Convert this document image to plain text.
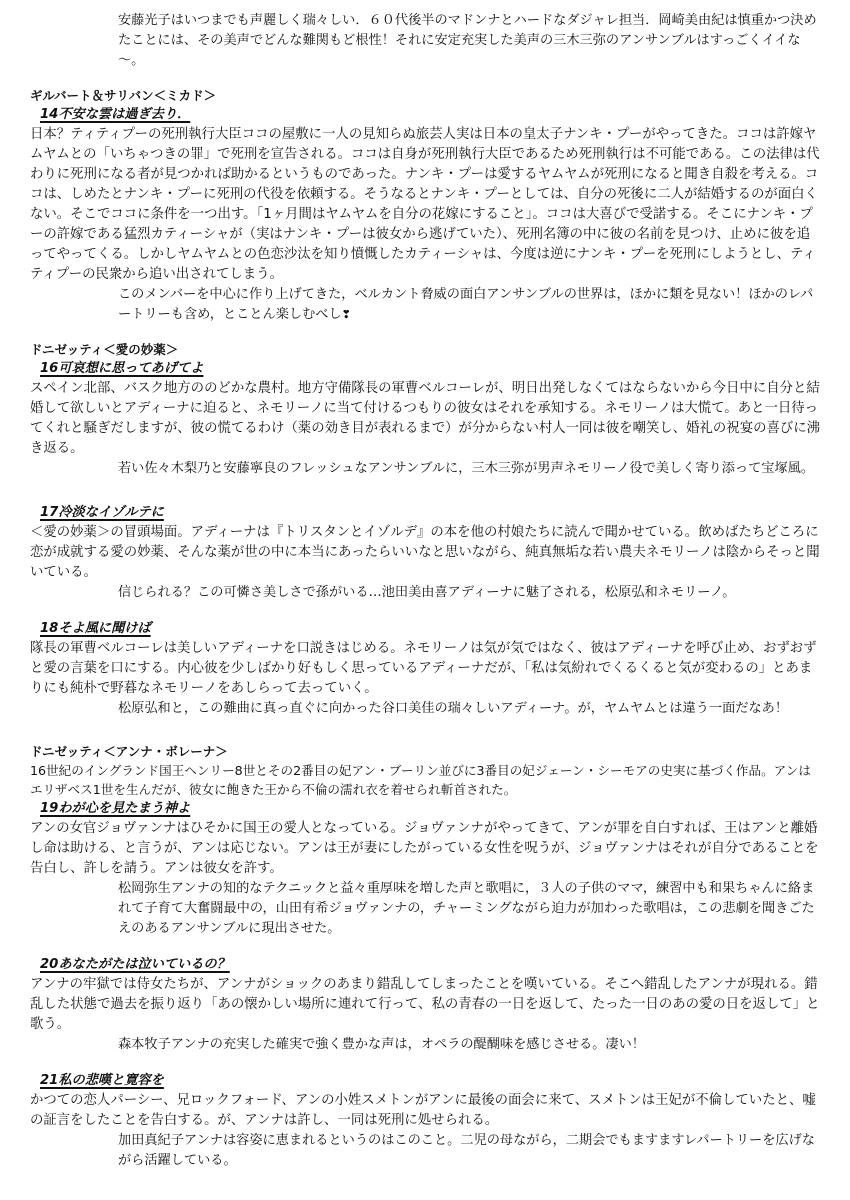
安藤光子はいつまでも声麗しく瑞々しい．６０代後半のマドンナとハードなダジャレ担当．岡崎美由紀は慎重かつ決めたことには、その美声でどんな難関もど根性！それに安定充実した美声の三木三弥のアンサンブルはすっごくイイな～。

ギルバート＆サリバン＜ミカド＞
14不安な雲は過ぎ去り．

日本？ティティプーの死刑執行大臣ココの屋敷に一人の見知らぬ旅芸人実は日本の皇太子ナンキ・プーがやってきた。ココは許嫁ヤムヤムとの「いちゃつきの罪」で死刑を宣告される。ココは自身が死刑執行大臣であるため死刑執行は不可能である。この法律は代わりに死刑になる者が見つかれば助かるというものであった。ナンキ・プーは愛するヤムヤムが死刑になると聞き自殺を考える。ココは、しめたとナンキ・プーに死刑の代役を依頼する。そうなるとナンキ・プーとしては、自分の死後に二人が結婚するのが面白くない。そこでココに条件を一つ出す。「1ヶ月間はヤムヤムを自分の花嫁にすること」。ココは大喜びで受諾する。そこにナンキ・プーの許嫁である猛烈カティーシャが（実はナンキ・プーは彼女から逃げていた）、死刑名簿の中に彼の名前を見つけ、止めに彼を追ってやってくる。しかしヤムヤムとの色恋沙汰を知り憤慨したカティーシャは、今度は逆にナンキ・プーを死刑にしようとし、ティティプーの民衆から追い出されてしまう。

このメンバーを中心に作り上げてきた，ベルカント脅威の面白アンサンブルの世界は，ほかに類を見ない！ほかのレパートリーも含め，とことん楽しむべし❣

ドニゼッティ＜愛の妙薬＞
16可哀想に思ってあげてよ

スペイン北部、バスク地方ののどかな農村。地方守備隊長の軍曹ベルコーレが、明日出発しなくてはならないから今日中に自分と結婚して欲しいとアディーナに迫ると、ネモリーノに当て付けるつもりの彼女はそれを承知する。ネモリーノは大慌て。あと一日待ってくれと騒ぎだしますが、彼の慌てるわけ（薬の効き目が表れるまで）が分からない村人一同は彼を嘲笑し、婚礼の祝宴の喜びに沸き返る。

若い佐々木梨乃と安藤寧良のフレッシュなアンサンブルに，三木三弥が男声ネモリーノ役で美しく寄り添って宝塚風。

17冷淡なイゾルテに

＜愛の妙薬＞の冒頭場面。アディーナは『トリスタンとイゾルデ』の本を他の村娘たちに読んで聞かせている。飲めばたちどころに恋が成就する愛の妙薬、そんな薬が世の中に本当にあったらいいなと思いながら、純真無垢な若い農夫ネモリーノは陰からそっと聞いている。

信じられる？この可憐さ美しさで孫がいる…池田美由喜アディーナに魅了される，松原弘和ネモリーノ。

18そよ風に聞けば

隊長の軍曹ベルコーレは美しいアディーナを口説きはじめる。ネモリーノは気が気ではなく、彼はアディーナを呼び止め、おずおずと愛の言葉を口にする。内心彼を少しばかり好もしく思っているアディーナだが、「私は気紛れでくるくると気が変わるの」とあまりにも純朴で野暮なネモリーノをあしらって去っていく。

松原弘和と，この難曲に真っ直ぐに向かった谷口美佳の瑞々しいアディーナ。が，ヤムヤムとは違う一面だなあ！

ドニゼッティ＜アンナ・ボレーナ＞

16世紀のイングランド国王ヘンリー8世とその2番目の妃アン・ブーリン並びに3番目の妃ジェーン・シーモアの史実に基づく作品。アンはエリザベス1世を生んだが、彼女に飽きた王から不倫の濡れ衣を着せられ斬首された。

19わが心を見たまう神よ

アンの女官ジョヴァンナはひそかに国王の愛人となっている。ジョヴァンナがやってきて、アンが罪を自白すれば、王はアンと離婚し命は助ける、と言うが、アンは応じない。アンは王が妻にしたがっている女性を呪うが、ジョヴァンナはそれが自分であることを告白し、許しを請う。アンは彼女を許す。

松岡弥生アンナの知的なテクニックと益々重厚味を増した声と歌唱に，３人の子供のママ，練習中も和果ちゃんに絡まれて子育て大奮闘最中の，山田有希ジョヴァンナの，チャーミングながら迫力が加わった歌唱は，この悲劇を聞きごたえのあるアンサンブルに現出させた。

20あなたがたは泣いているの？

アンナの牢獄では侍女たちが、アンナがショックのあまり錯乱してしまったことを嘆いている。そこへ錯乱したアンナが現れる。錯乱した状態で過去を振り返り「あの懐かしい場所に連れて行って、私の青春の一日を返して、たった一日のあの愛の日を返して」と歌う。

森本牧子アンナの充実した確実で強く豊かな声は，オペラの醍醐味を感じさせる。凄い！

21私の悲嘆と寛容を

かつての恋人パーシー、兄ロックフォード、アンの小姓スメトンがアンに最後の面会に来て、スメトンは王妃が不倫していたと、嘘の証言をしたことを告白する。が、アンナは許し、一同は死刑に処せられる。

加田真紀子アンナは容姿に恵まれるというのはこのこと。二児の母ながら，二期会でもますますレパートリーを広げながら活躍している。
